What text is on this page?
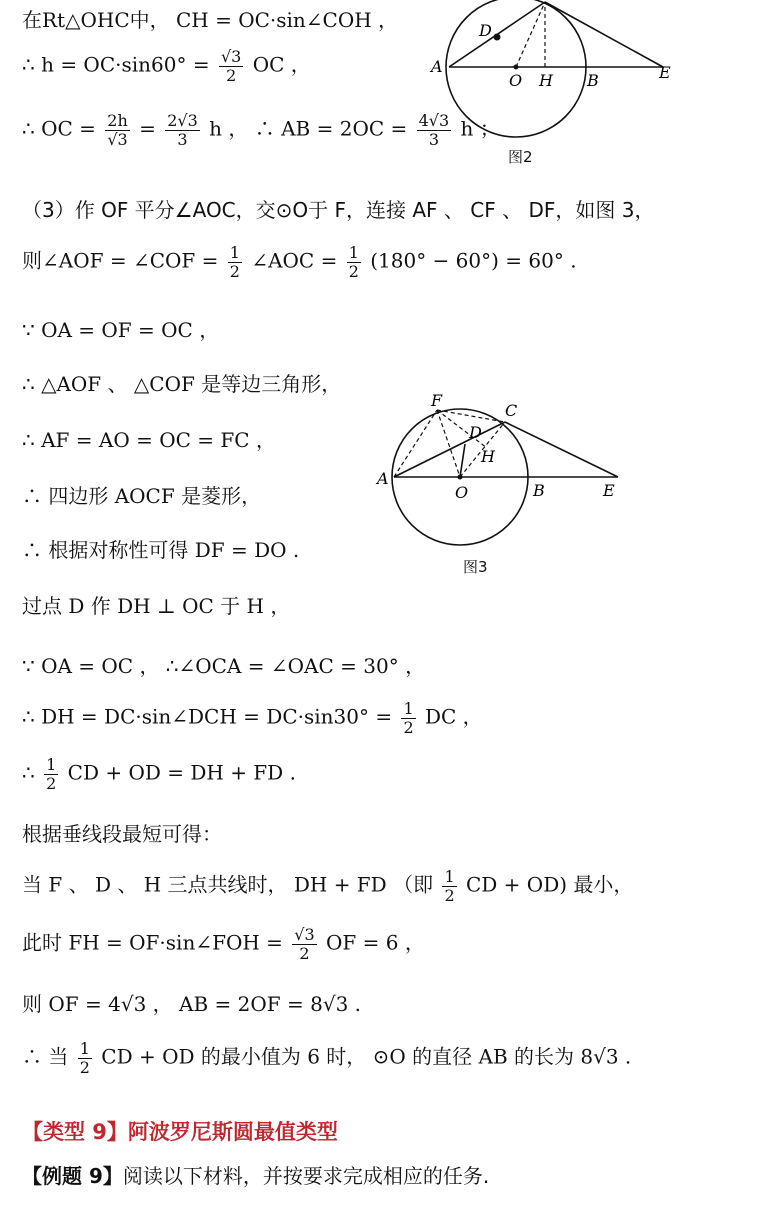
在Rt△OHC中， CH = OC·sin∠COH ，
∴ $h = OC\cdot\sin 60^\circ = \frac{√3}{2}$ OC ，
∴ OC = $\frac{2h}{√3} = \frac{2√3}{3}$ h ， ∴ AB = $2OC = \frac{4√3}{3}$ h ；
A
D
O H B	E
图2
（3）作 OF 平分∠AOC，交⊙O于 F，连接 AF 、 CF 、 DF，如图 3，
则∠AOF = ∠COF = $\frac{1}{2}$ ∠AOC = $\frac{1}{2} (180^\circ - 60^\circ) = 60^\circ$ .
∵ OA = OF = OC ，
∴ △AOF 、 △COF 是等边三角形，
∴ AF = AO = OC = FC ，
∴ 四边形 AOCF 是菱形，
∴ 根据对称性可得 DF = DO .
过点 D 作 DH ⊥ OC 于 H ，
F
C
D
H
A
O	B	E
图3
∵ OA = OC ， ∴∠OCA = ∠OAC = 30° ，
∴ DH = DC·sin∠DCH = $DC\cdot\sin 30^\circ = \frac{1}{2}$ DC ，
∴ $\frac{1}{2}$ CD + OD = DH + FD .
根据垂线段最短可得：
当 F 、 D 、 H 三点共线时， DH + FD （即 $\frac{1}{2}$ CD + OD) 最小，
此时 FH = OF·sin∠FOH = $\frac{√3}{2}$ OF = 6 ，
则 OF = 4√3 ， AB = 2OF = 8√3 .
∴ 当 $\frac{1}{2}$ CD + OD 的最小值为 6 时， ⊙O 的直径 AB 的长为 8√3 .
【类型 9】阿波罗尼斯圆最值类型
【例题 9】阅读以下材料，并按要求完成相应的任务.
